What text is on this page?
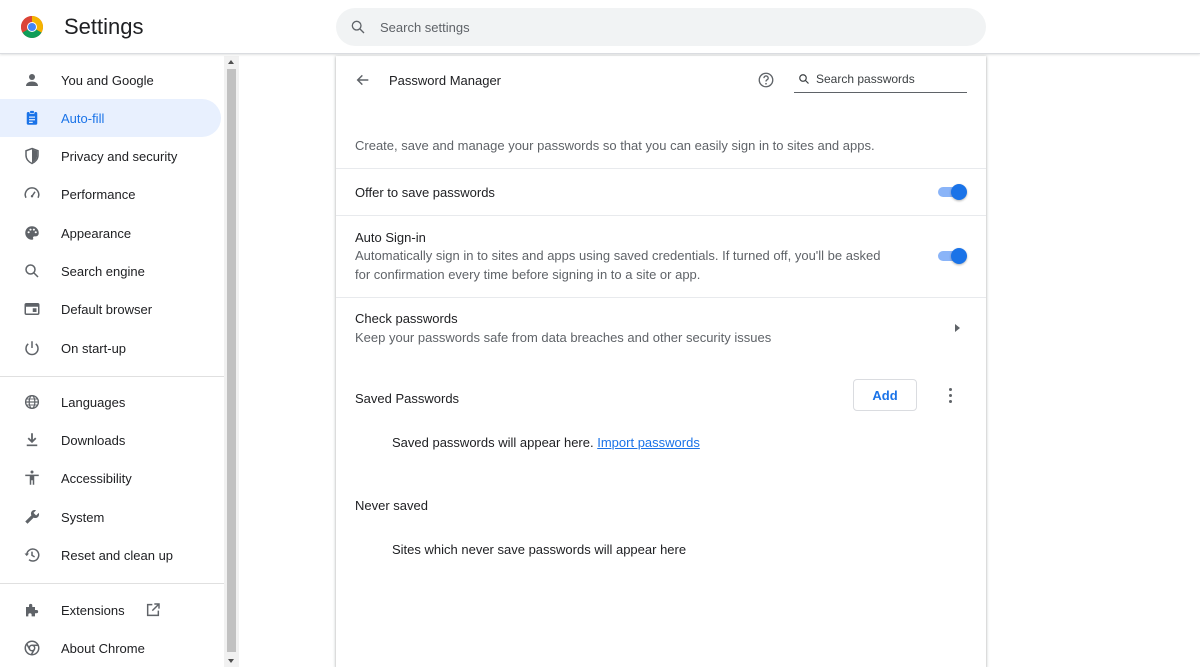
Settings
Search settings
You and Google
Auto-fill
Privacy and security
Performance
Appearance
Search engine
Default browser
On start-up
Languages
Downloads
Accessibility
System
Reset and clean up
Extensions
About Chrome
Password Manager
Search passwords
Create, save and manage your passwords so that you can easily sign in to sites and apps.
Offer to save passwords
Auto Sign-in
Automatically sign in to sites and apps using saved credentials. If turned off, you'll be asked for confirmation every time before signing in to a site or app.
Check passwords
Keep your passwords safe from data breaches and other security issues
Saved Passwords	Add
Saved passwords will appear here. Import passwords
Never saved
Sites which never save passwords will appear here
